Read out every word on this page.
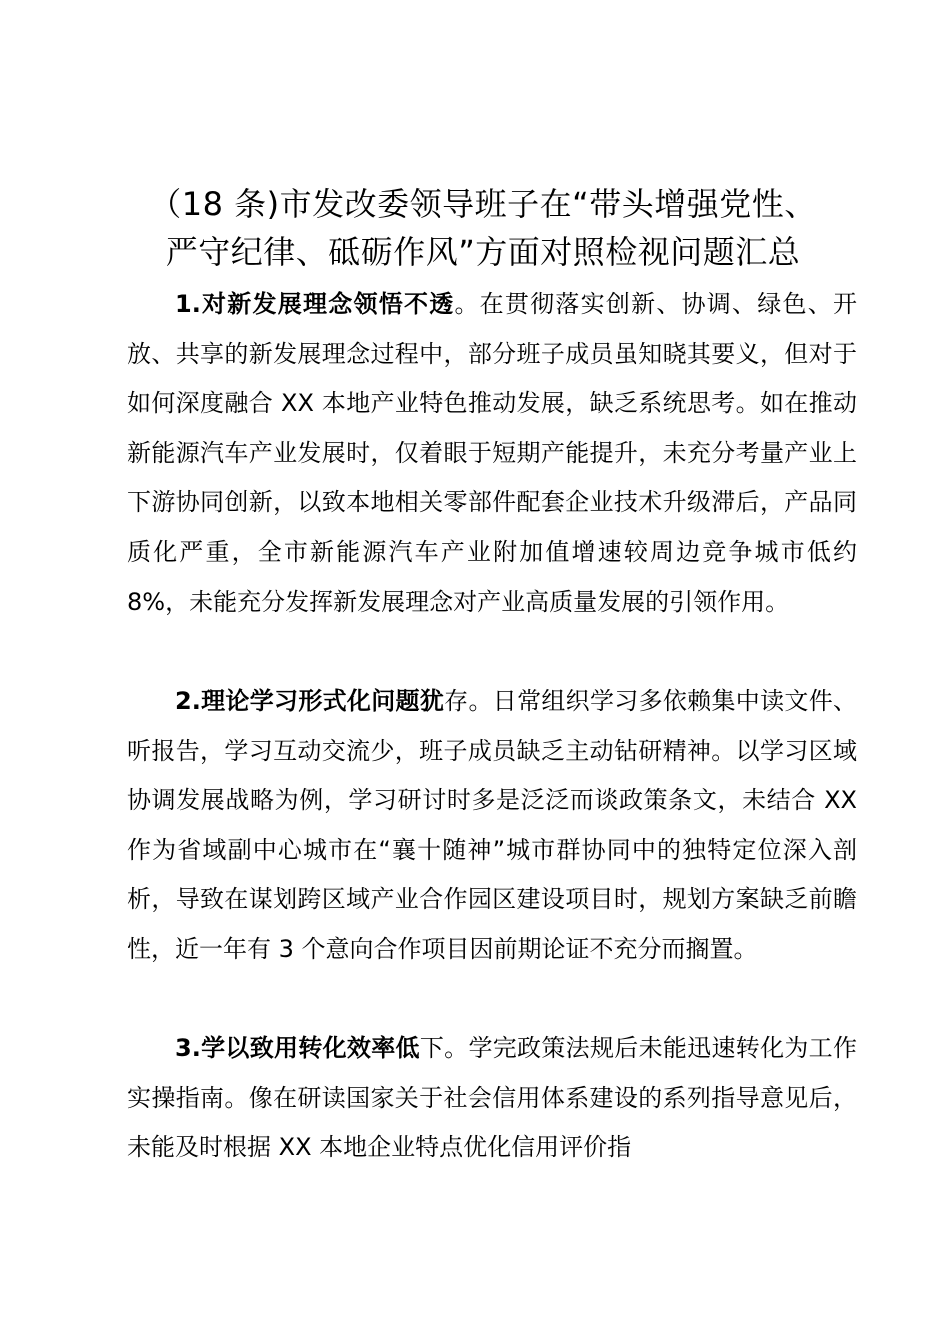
（18 条)市发改委领导班子在“带头增强党性、
严守纪律、砥砺作风”方面对照检视问题汇总

1.对新发展理念领悟不透。在贯彻落实创新、协调、绿色、开放、共享的新发展理念过程中，部分班子成员虽知晓其要义，但对于如何深度融合 XX 本地产业特色推动发展，缺乏系统思考。如在推动新能源汽车产业发展时，仅着眼于短期产能提升，未充分考量产业上下游协同创新，以致本地相关零部件配套企业技术升级滞后，产品同质化严重，全市新能源汽车产业附加值增速较周边竞争城市低约 8%，未能充分发挥新发展理念对产业高质量发展的引领作用。

2.理论学习形式化问题犹存。日常组织学习多依赖集中读文件、听报告，学习互动交流少，班子成员缺乏主动钻研精神。以学习区域协调发展战略为例，学习研讨时多是泛泛而谈政策条文，未结合 XX 作为省域副中心城市在“襄十随神”城市群协同中的独特定位深入剖析，导致在谋划跨区域产业合作园区建设项目时，规划方案缺乏前瞻性，近一年有 3 个意向合作项目因前期论证不充分而搁置。

3.学以致用转化效率低下。学完政策法规后未能迅速转化为工作实操指南。像在研读国家关于社会信用体系建设的系列指导意见后，未能及时根据 XX 本地企业特点优化信用评价指
